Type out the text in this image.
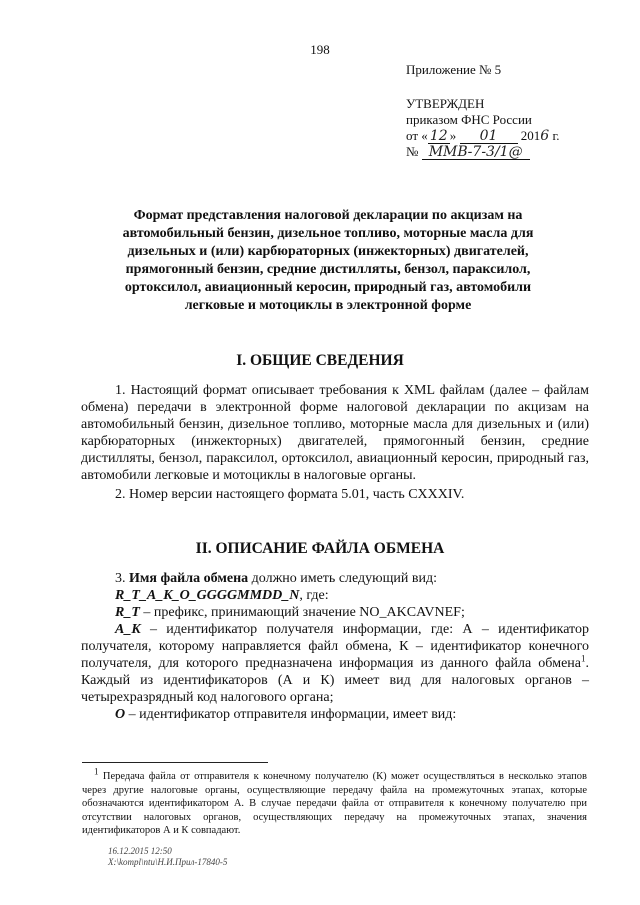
198
Приложение № 5
УТВЕРЖДЕН
приказом ФНС России
от « 12 » 01 2016 г.
№ ММВ-7-3/1@
Формат представления налоговой декларации по акцизам на автомобильный бензин, дизельное топливо, моторные масла для дизельных и (или) карбюраторных (инжекторных) двигателей, прямогонный бензин, средние дистилляты, бензол, параксилол, ортоксилол, авиационный керосин, природный газ, автомобили легковые и мотоциклы в электронной форме
I. ОБЩИЕ СВЕДЕНИЯ

1. Настоящий формат описывает требования к XML файлам (далее – файлам обмена) передачи в электронной форме налоговой декларации по акцизам на автомобильный бензин, дизельное топливо, моторные масла для дизельных и (или) карбюраторных (инжекторных) двигателей, прямогонный бензин, средние дистилляты, бензол, параксилол, ортоксилол, авиационный керосин, природный газ, автомобили легковые и мотоциклы в налоговые органы.

2. Номер версии настоящего формата 5.01, часть CXXXIV.

II. ОПИСАНИЕ ФАЙЛА ОБМЕНА

3. Имя файла обмена должно иметь следующий вид:

R_T_A_K_O_GGGGMMDD_N, где:

R_T – префикс, принимающий значение NO_AKCAVNEF;

A_K – идентификатор получателя информации, где: А – идентификатор получателя, которому направляется файл обмена, К – идентификатор конечного получателя, для которого предназначена информация из данного файла обмена$^1$. Каждый из идентификаторов (А и К) имеет вид для налоговых органов – четырехразрядный код налогового органа;

O – идентификатор отправителя информации, имеет вид:

$^1$ Передача файла от отправителя к конечному получателю (К) может осуществляться в несколько этапов через другие налоговые органы, осуществляющие передачу файла на промежуточных этапах, которые обозначаются идентификатором А. В случае передачи файла от отправителя к конечному получателю при отсутствии налоговых органов, осуществляющих передачу на промежуточных этапах, значения идентификаторов А и К совпадают.
16.12.2015 12:50
X:\kompl\ntu\Н.И.Прил-17840-5
